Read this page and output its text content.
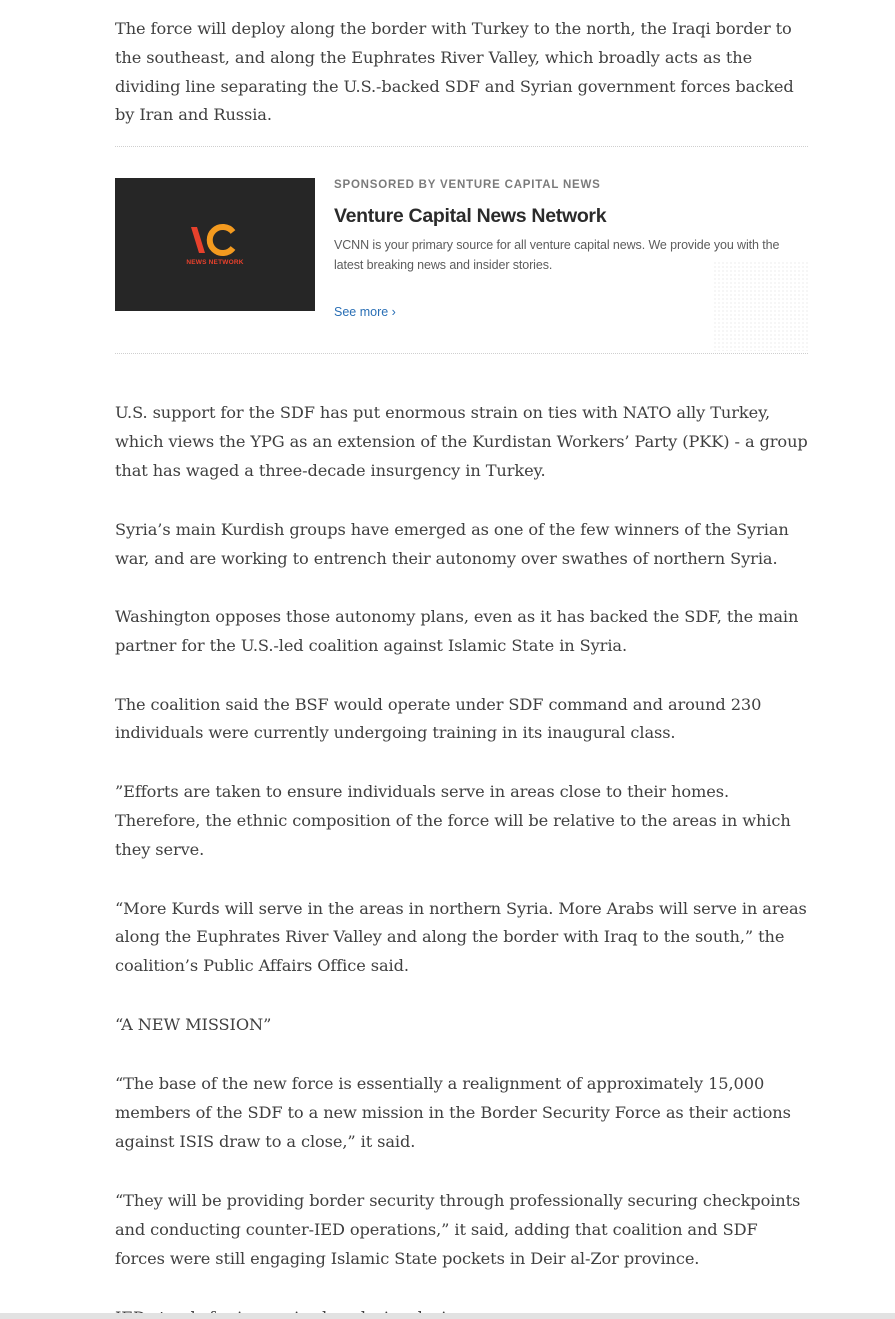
The force will deploy along the border with Turkey to the north, the Iraqi border to the southeast, and along the Euphrates River Valley, which broadly acts as the dividing line separating the U.S.-backed SDF and Syrian government forces backed by Iran and Russia.

NEWS NETWORK
SPONSORED BY VENTURE CAPITAL NEWS
Venture Capital News Network
VCNN is your primary source for all venture capital news. We provide you with the latest breaking news and insider stories.
See more ›

U.S. support for the SDF has put enormous strain on ties with NATO ally Turkey, which views the YPG as an extension of the Kurdistan Workers’ Party (PKK) - a group that has waged a three-decade insurgency in Turkey.

Syria’s main Kurdish groups have emerged as one of the few winners of the Syrian war, and are working to entrench their autonomy over swathes of northern Syria.

Washington opposes those autonomy plans, even as it has backed the SDF, the main partner for the U.S.-led coalition against Islamic State in Syria.

The coalition said the BSF would operate under SDF command and around 230 individuals were currently undergoing training in its inaugural class.

”Efforts are taken to ensure individuals serve in areas close to their homes. Therefore, the ethnic composition of the force will be relative to the areas in which they serve.

“More Kurds will serve in the areas in northern Syria. More Arabs will serve in areas along the Euphrates River Valley and along the border with Iraq to the south,” the coalition’s Public Affairs Office said.

“A NEW MISSION”

“The base of the new force is essentially a realignment of approximately 15,000 members of the SDF to a new mission in the Border Security Force as their actions against ISIS draw to a close,” it said.

“They will be providing border security through professionally securing checkpoints and conducting counter-IED operations,” it said, adding that coalition and SDF forces were still engaging Islamic State pockets in Deir al-Zor province.
